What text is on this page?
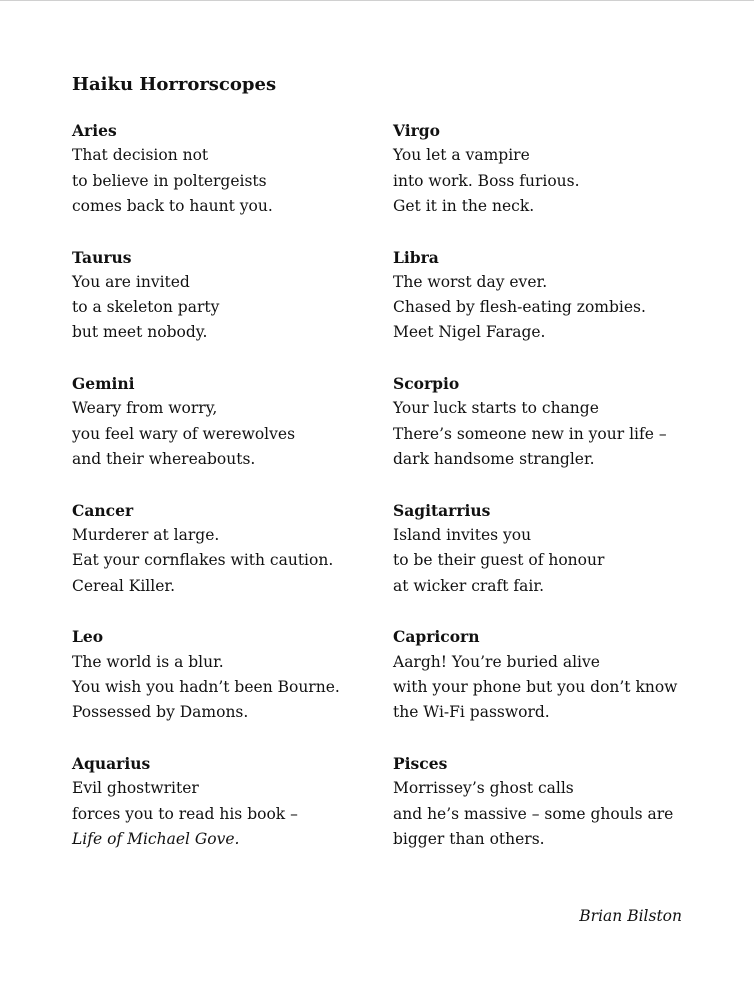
Haiku Horrorscopes
Aries
That decision not
to believe in poltergeists
comes back to haunt you.
Taurus
You are invited
to a skeleton party
but meet nobody.
Gemini
Weary from worry,
you feel wary of werewolves
and their whereabouts.
Cancer
Murderer at large.
Eat your cornflakes with caution.
Cereal Killer.
Leo
The world is a blur.
You wish you hadn’t been Bourne.
Possessed by Damons.
Aquarius
Evil ghostwriter
forces you to read his book –
Life of Michael Gove.
Virgo
You let a vampire
into work. Boss furious.
Get it in the neck.
Libra
The worst day ever.
Chased by flesh-eating zombies.
Meet Nigel Farage.
Scorpio
Your luck starts to change
There’s someone new in your life –
dark handsome strangler.
Sagitarrius
Island invites you
to be their guest of honour
at wicker craft fair.
Capricorn
Aargh! You’re buried alive
with your phone but you don’t know
the Wi-Fi password.
Pisces
Morrissey’s ghost calls
and he’s massive – some ghouls are
bigger than others.
Brian Bilston
